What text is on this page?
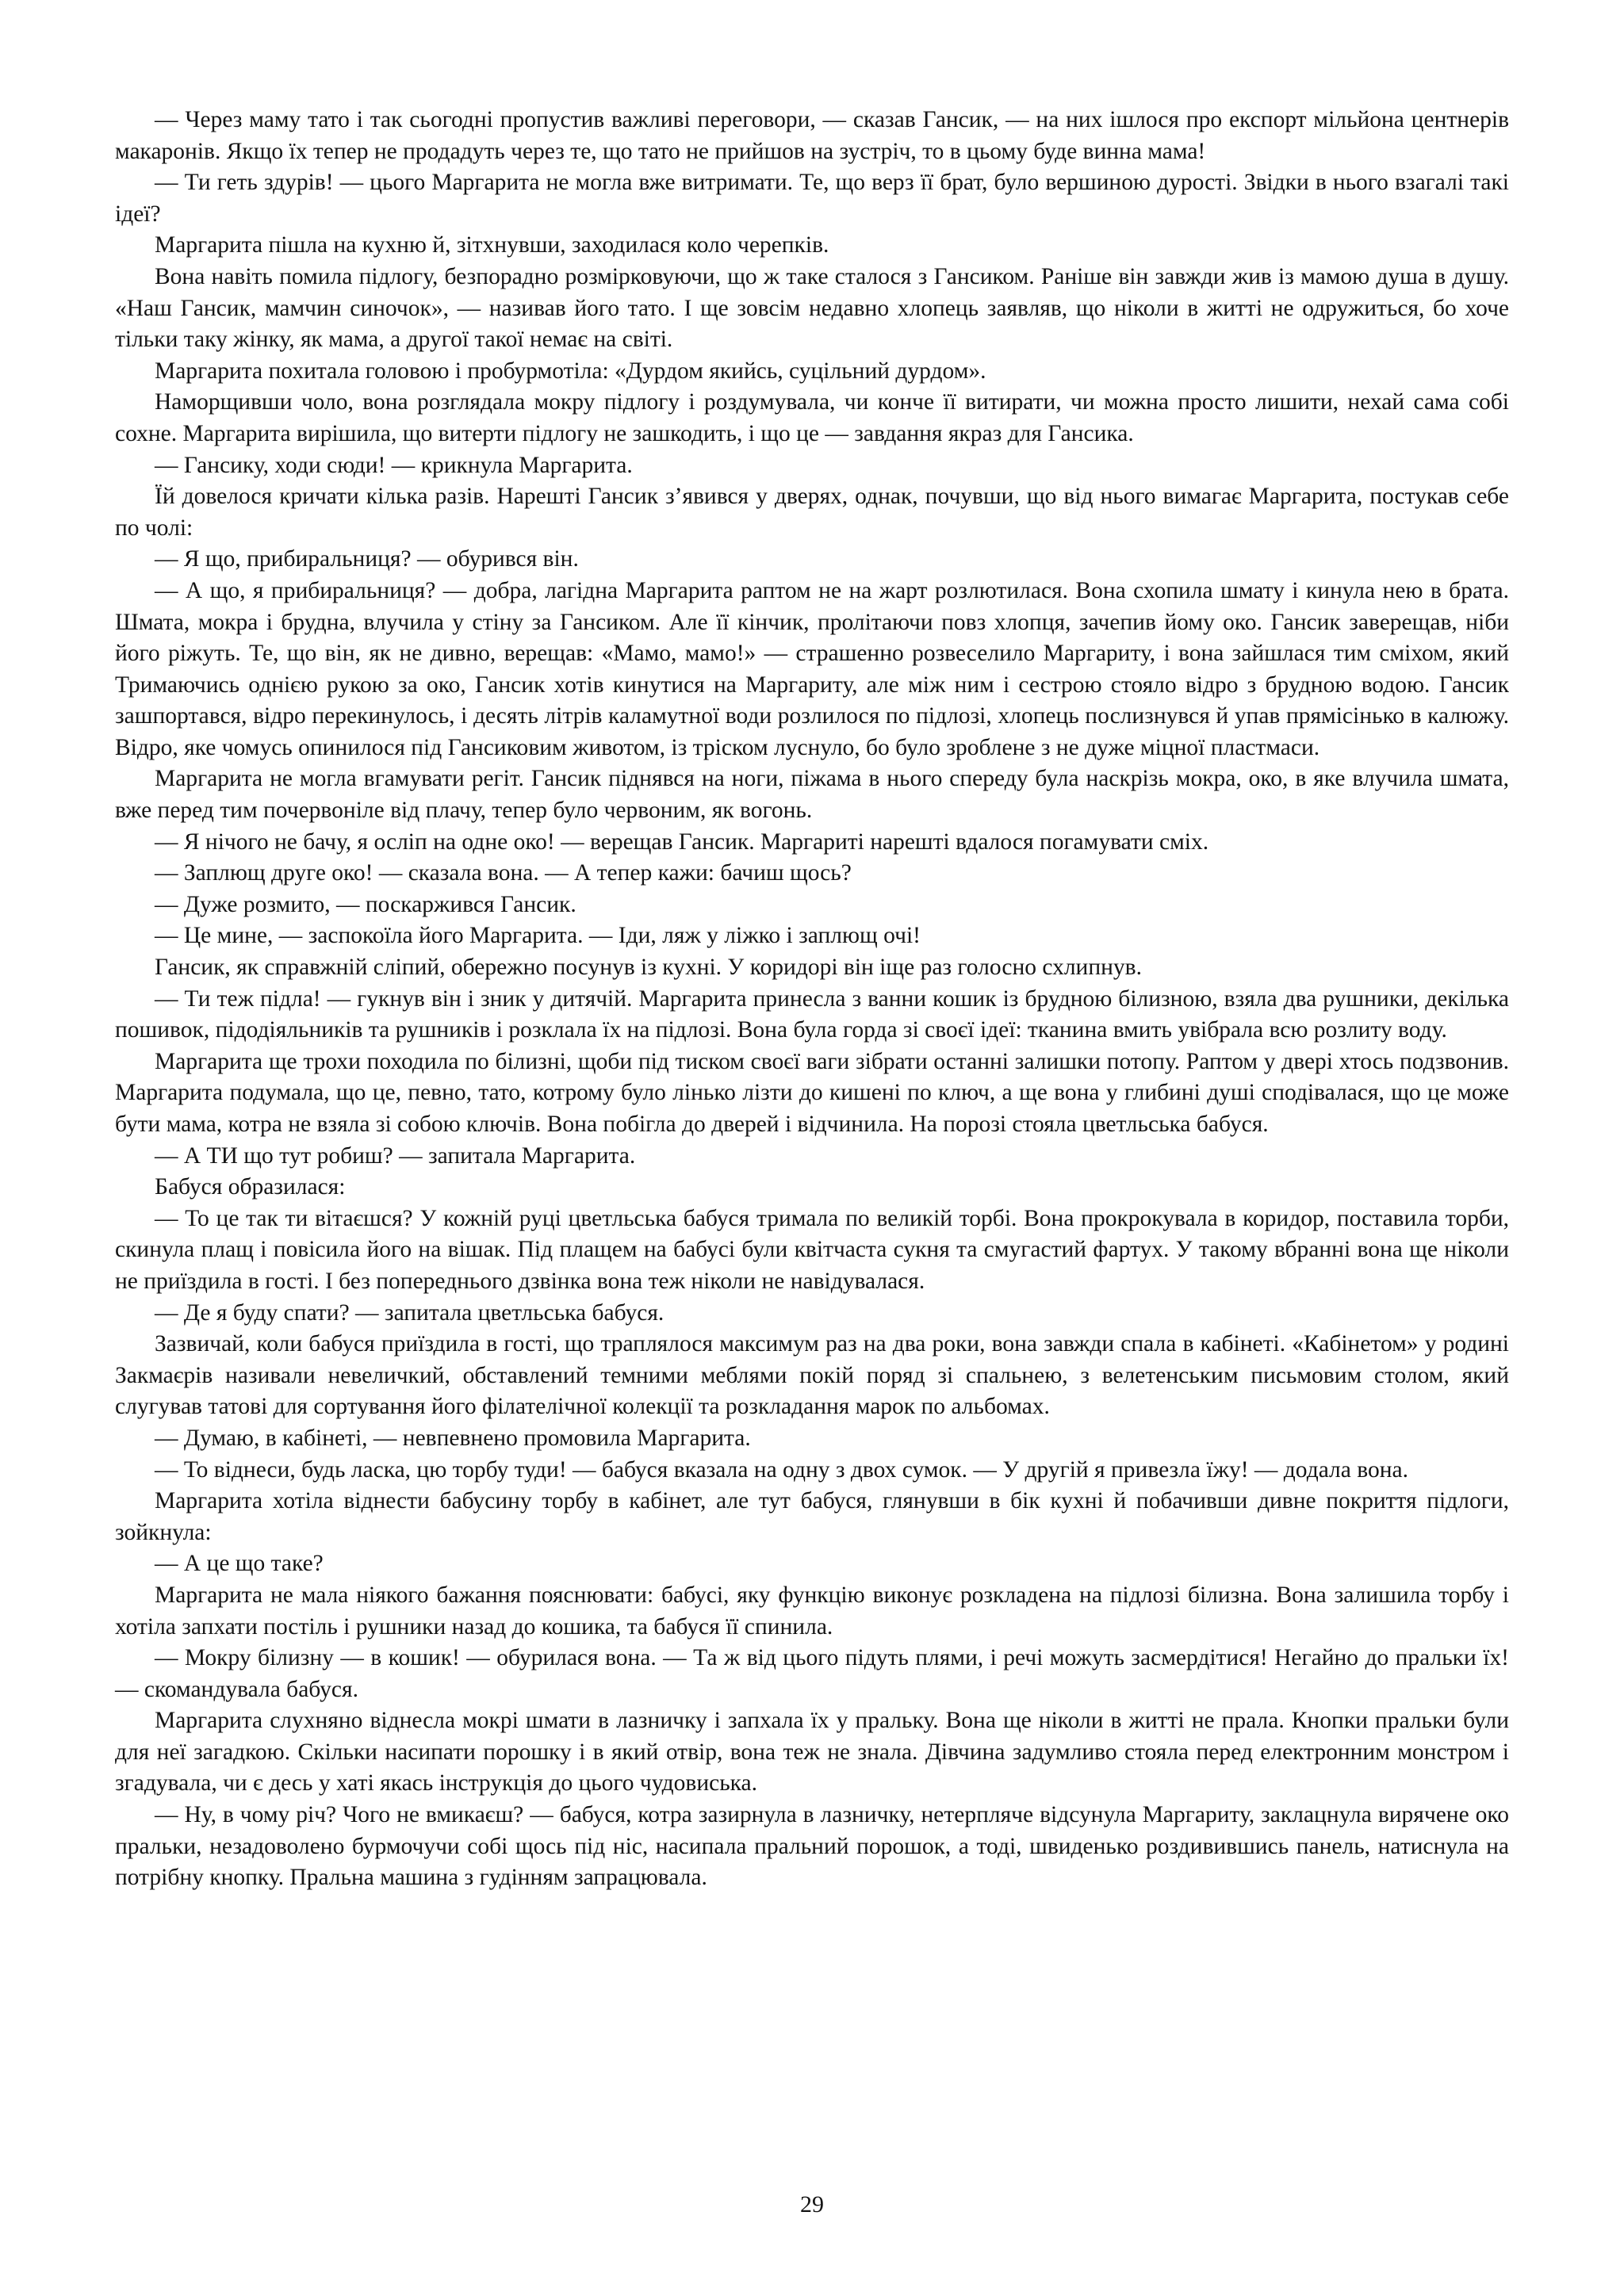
— Через маму тато і так сьогодні пропустив важливі переговори, — сказав Гансик, — на них ішлося про експорт мільйона центнерів макаронів. Якщо їх тепер не продадуть через те, що тато не прийшов на зустріч, то в цьому буде винна мама!

— Ти геть здурів! — цього Маргарита не могла вже витримати. Те, що верз її брат, було вершиною дурості. Звідки в нього взагалі такі ідеї?

Маргарита пішла на кухню й, зітхнувши, заходилася коло черепків.

Вона навіть помила підлогу, безпорадно розмірковуючи, що ж таке сталося з Гансиком. Раніше він завжди жив із мамою душа в душу. «Наш Гансик, мамчин синочок», — називав його тато. І ще зовсім недавно хлопець заявляв, що ніколи в житті не одружиться, бо хоче тільки таку жінку, як мама, а другої такої немає на світі.

Маргарита похитала головою і пробурмотіла: «Дурдом якийсь, суцільний дурдом».

Наморщивши чоло, вона розглядала мокру підлогу і роздумувала, чи конче її витирати, чи можна просто лишити, нехай сама собі сохне. Маргарита вирішила, що витерти підлогу не зашкодить, і що це — завдання якраз для Гансика.

— Гансику, ходи сюди! — крикнула Маргарита.

Їй довелося кричати кілька разів. Нарешті Гансик з’явився у дверях, однак, почувши, що від нього вимагає Маргарита, постукав себе по чолі:

— Я що, прибиральниця? — обурився він.

— А що, я прибиральниця? — добра, лагідна Маргарита раптом не на жарт розлютилася. Вона схопила шмату і кинула нею в брата. Шмата, мокра і брудна, влучила у стіну за Гансиком. Але її кінчик, пролітаючи повз хлопця, зачепив йому око. Гансик заверещав, ніби його ріжуть. Те, що він, як не дивно, верещав: «Мамо, мамо!» — страшенно розвеселило Маргариту, і вона зайшлася тим сміхом, який Тримаючись однією рукою за око, Гансик хотів кинутися на Маргариту, але між ним і сестрою стояло відро з брудною водою. Гансик зашпортався, відро перекинулось, і десять літрів каламутної води розлилося по підлозі, хлопець послизнувся й упав прямісінько в калюжу. Відро, яке чомусь опинилося під Гансиковим животом, із тріском луснуло, бо було зроблене з не дуже міцної пластмаси.

Маргарита не могла вгамувати регіт. Гансик піднявся на ноги, піжама в нього спереду була наскрізь мокра, око, в яке влучила шмата, вже перед тим почервоніле від плачу, тепер було червоним, як вогонь.

— Я нічого не бачу, я осліп на одне око! — верещав Гансик. Маргариті нарешті вдалося погамувати сміх.

— Заплющ друге око! — сказала вона. — А тепер кажи: бачиш щось?

— Дуже розмито, — поскаржився Гансик.

— Це мине, — заспокоїла його Маргарита. — Іди, ляж у ліжко і заплющ очі!

Гансик, як справжній сліпий, обережно посунув із кухні. У коридорі він іще раз голосно схлипнув.

— Ти теж підла! — гукнув він і зник у дитячій. Маргарита принесла з ванни кошик із брудною білизною, взяла два рушники, декілька пошивок, підодіяльників та рушників і розклала їх на підлозі. Вона була горда зі своєї ідеї: тканина вмить увібрала всю розлиту воду.

Маргарита ще трохи походила по білизні, щоби під тиском своєї ваги зібрати останні залишки потопу. Раптом у двері хтось подзвонив. Маргарита подумала, що це, певно, тато, котрому було лінько лізти до кишені по ключ, а ще вона у глибині душі сподівалася, що це може бути мама, котра не взяла зі собою ключів. Вона побігла до дверей і відчинила. На порозі стояла цветльська бабуся.

— А ТИ що тут робиш? — запитала Маргарита.

Бабуся образилася:

— То це так ти вітаєшся? У кожній руці цветльська бабуся тримала по великій торбі. Вона прокрокувала в коридор, поставила торби, скинула плащ і повісила його на вішак. Під плащем на бабусі були квітчаста сукня та смугастий фартух. У такому вбранні вона ще ніколи не приїздила в гості. І без попереднього дзвінка вона теж ніколи не навідувалася.

— Де я буду спати? — запитала цветльська бабуся.

Зазвичай, коли бабуся приїздила в гості, що траплялося максимум раз на два роки, вона завжди спала в кабінеті. «Кабінетом» у родині Закмаєрів називали невеличкий, обставлений темними меблями покій поряд зі спальнею, з велетенським письмовим столом, який слугував татові для сортування його філателічної колекції та розкладання марок по альбомах.

— Думаю, в кабінеті, — невпевнено промовила Маргарита.

— То віднеси, будь ласка, цю торбу туди! — бабуся вказала на одну з двох сумок. — У другій я привезла їжу! — додала вона.

Маргарита хотіла віднести бабусину торбу в кабінет, але тут бабуся, глянувши в бік кухні й побачивши дивне покриття підлоги, зойкнула:

— А це що таке?

Маргарита не мала ніякого бажання пояснювати: бабусі, яку функцію виконує розкладена на підлозі білизна. Вона залишила торбу і хотіла запхати постіль і рушники назад до кошика, та бабуся її спинила.

— Мокру білизну — в кошик! — обурилася вона. — Та ж від цього підуть плями, і речі можуть засмердітися! Негайно до пральки їх! — скомандувала бабуся.

Маргарита слухняно віднесла мокрі шмати в лазничку і запхала їх у пральку. Вона ще ніколи в житті не прала. Кнопки пральки були для неї загадкою. Скільки насипати порошку і в який отвір, вона теж не знала. Дівчина задумливо стояла перед електронним монстром і згадувала, чи є десь у хаті якась інструкція до цього чудовиська.

— Ну, в чому річ? Чого не вмикаєш? — бабуся, котра зазирнула в лазничку, нетерпляче відсунула Маргариту, заклацнула вирячене око пральки, незадоволено бурмочучи собі щось під ніс, насипала пральний порошок, а тоді, швиденько роздивившись панель, натиснула на потрібну кнопку. Пральна машина з гудінням запрацювала.

29
